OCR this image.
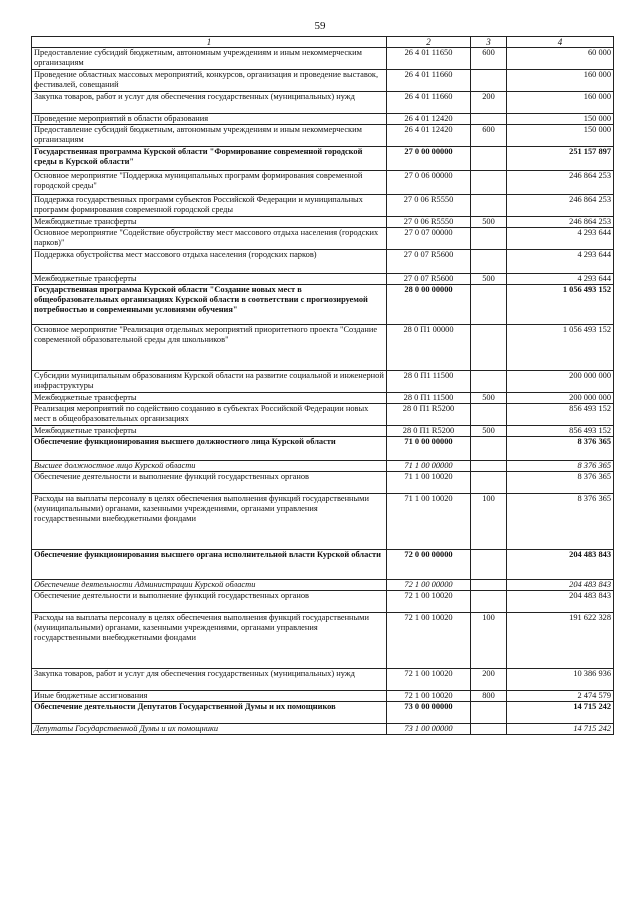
59
1	2	3	4
Предоставление субсидий бюджетным, автономным учреждениям и иным некоммерческим организациям	26 4 01 11650	600	60 000
Проведение областных массовых мероприятий, конкурсов, организация и проведение выставок, фестивалей, совещаний	26 4 01 11660		160 000
Закупка товаров, работ и услуг для обеспечения государственных (муниципальных) нужд	26 4 01 11660	200	160 000
Проведение мероприятий в области образования	26 4 01 12420		150 000
Предоставление субсидий бюджетным, автономным учреждениям и иным некоммерческим организациям	26 4 01 12420	600	150 000
Государственная программа Курской области "Формирование современной городской среды в Курской области"	27 0 00 00000		251 157 897
Основное мероприятие "Поддержка муниципальных программ формирования современной городской среды"	27 0 06 00000		246 864 253
Поддержка государственных программ субъектов Российской Федерации и муниципальных программ формирования современной городской среды	27 0 06 R5550		246 864 253
Межбюджетные трансферты	27 0 06 R5550	500	246 864 253
Основное мероприятие "Содействие обустройству мест массового отдыха населения (городских парков)"	27 0 07 00000		4 293 644
Поддержка обустройства мест массового отдыха населения (городских парков)	27 0 07 R5600		4 293 644
Межбюджетные трансферты	27 0 07 R5600	500	4 293 644
Государственная программа Курской области "Создание новых мест в общеобразовательных организациях Курской области в соответствии с прогнозируемой потребностью и современными условиями обучения"	28 0 00 00000		1 056 493 152
Основное мероприятие "Реализация отдельных мероприятий приоритетного проекта "Создание современной образовательной среды для школьников"	28 0 П1 00000		1 056 493 152
Субсидии муниципальным образованиям Курской области на развитие социальной и инженерной инфраструктуры	28 0 П1 11500		200 000 000
Межбюджетные трансферты	28 0 П1 11500	500	200 000 000
Реализация мероприятий по содействию созданию в субъектах Российской Федерации новых мест в общеобразовательных организациях	28 0 П1 R5200		856 493 152
Межбюджетные трансферты	28 0 П1 R5200	500	856 493 152
Обеспечение функционирования высшего должностного лица Курской области	71 0 00 00000		8 376 365
Высшее должностное лицо Курской области	71 1 00 00000		8 376 365
Обеспечение деятельности и выполнение функций государственных органов	71 1 00 10020		8 376 365
Расходы на выплаты персоналу в целях обеспечения выполнения функций государственными (муниципальными) органами, казенными учреждениями, органами управления государственными внебюджетными фондами	71 1 00 10020	100	8 376 365
Обеспечение функционирования высшего органа исполнительной власти Курской области	72 0 00 00000		204 483 843
Обеспечение деятельности Администрации Курской области	72 1 00 00000		204 483 843
Обеспечение деятельности и выполнение функций государственных органов	72 1 00 10020		204 483 843
Расходы на выплаты персоналу в целях обеспечения выполнения функций государственными (муниципальными) органами, казенными учреждениями, органами управления государственными внебюджетными фондами	72 1 00 10020	100	191 622 328
Закупка товаров, работ и услуг для обеспечения государственных (муниципальных) нужд	72 1 00 10020	200	10 386 936
Иные бюджетные ассигнования	72 1 00 10020	800	2 474 579
Обеспечение деятельности Депутатов Государственной Думы и их помощников	73 0 00 00000		14 715 242
Депутаты Государственной Думы и их помощники	73 1 00 00000		14 715 242
